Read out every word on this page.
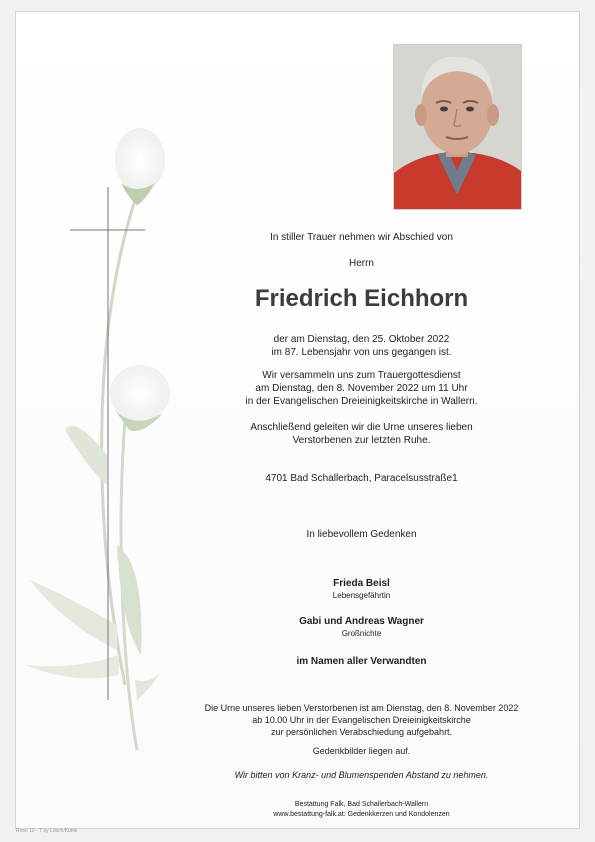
In stiller Trauer nehmen wir Abschied von
Herrn
Friedrich Eichhorn
der am Dienstag, den 25. Oktober 2022
im 87. Lebensjahr von uns gegangen ist.
Wir versammeln uns zum Trauergottesdienst
am Dienstag, den 8. November 2022 um 11 Uhr
in der Evangelischen Dreieinigkeitskirche in Wallern.
Anschließend geleiten wir die Urne unseres lieben
Verstorbenen zur letzten Ruhe.
4701 Bad Schallerbach, Paracelsusstraße1
In liebevollem Gedenken
Frieda Beisl
Lebensgefährtin
Gabi und Andreas Wagner
Großnichte
im Namen aller Verwandten
Die Urne unseres lieben Verstorbenen ist am Dienstag, den 8. November 2022
ab 10.00 Uhr in der Evangelischen Dreieinigkeitskirche
zur persönlichen Verabschiedung aufgebahrt.
Gedenkbilder liegen auf.
Wir bitten von Kranz- und Blumenspenden Abstand zu nehmen.
Bestattung Falk, Bad Schallerbach-Wallern
www.bestattung-falk.at: Gedenkkerzen und Kondolenzen
Rose 10 - T by Lösch/Kuhle
